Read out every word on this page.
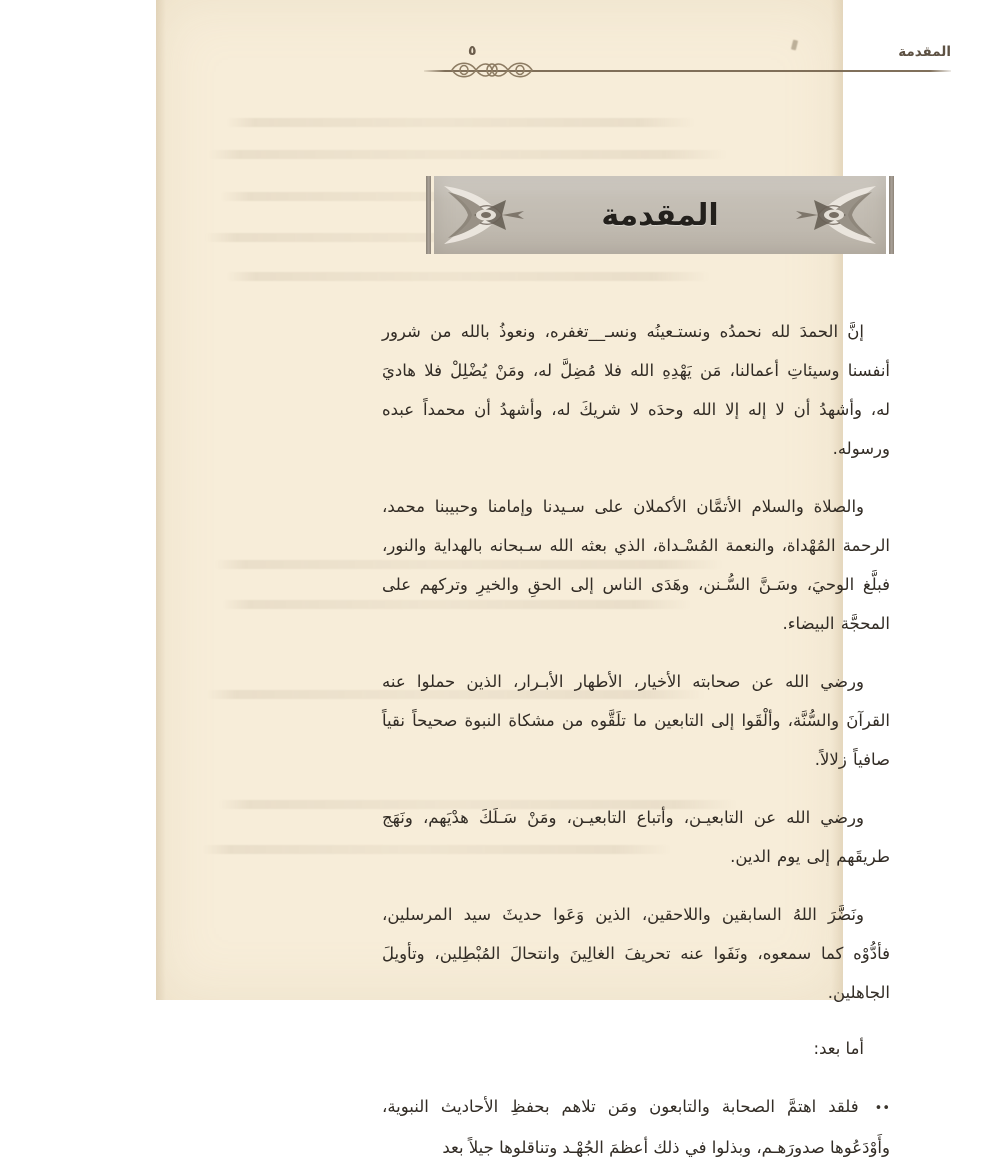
المقدمة
٥
المقدمة

إنَّ الحمدَ لله نحمدُه ونستـعينُه ونسـ__تغفره، ونعوذُ بالله من شرور أنفسنا وسيئاتِ أعمالنا، مَن يَهْدِهِ الله فلا مُضِلَّ له، ومَنْ يُضْلِلْ فلا هاديَ له، وأشهدُ أن لا إله إلا الله وحدَه لا شريكَ له، وأشهدُ أن محمداً عبده ورسوله.

والصلاة والسلام الأتمَّان الأكملان على سـيدنا وإمامنا وحبيبنا محمد، الرحمة المُهْداة، والنعمة المُسْـداة، الذي بعثه الله سـبحانه بالهداية والنور، فبلَّغ الوحيَ، وسَـنَّ السُّـنن، وهَدَى الناس إلى الحقِ والخيرِ وتركهم على المحجَّة البيضاء.

ورضي الله عن صحابته الأخيار، الأطهار الأبـرار، الذين حملوا عنه القرآنَ والسُّنَّة، وألْقَوا إلى التابعين ما تلَقَّوه من مشكاة النبوة صحيحاً نقياً صافياً زلالاً.

ورضي الله عن التابعيـن، وأتباع التابعيـن، ومَنْ سَـلَكَ هدْيَهم، ونَهَج طريقَهم إلى يوم الدين.

ونَضَّرَ اللهُ السابقين واللاحقين، الذين وَعَوا حديثَ سيد المرسلين، فأدُّوْه كما سمعوه، ونَفَوا عنه تحريفَ الغالِينَ وانتحالَ المُبْطِلين، وتأويلَ الجاهلين.

أما بعد:

•• فلقد اهتمَّ الصحابة والتابعون ومَن تلاهم بحفظِ الأحاديث النبوية، وأَوْدَعُوها صدورَهـم، وبذلوا في ذلك أعظمَ الجُهْـد وتناقلوها جيلاً بعد
